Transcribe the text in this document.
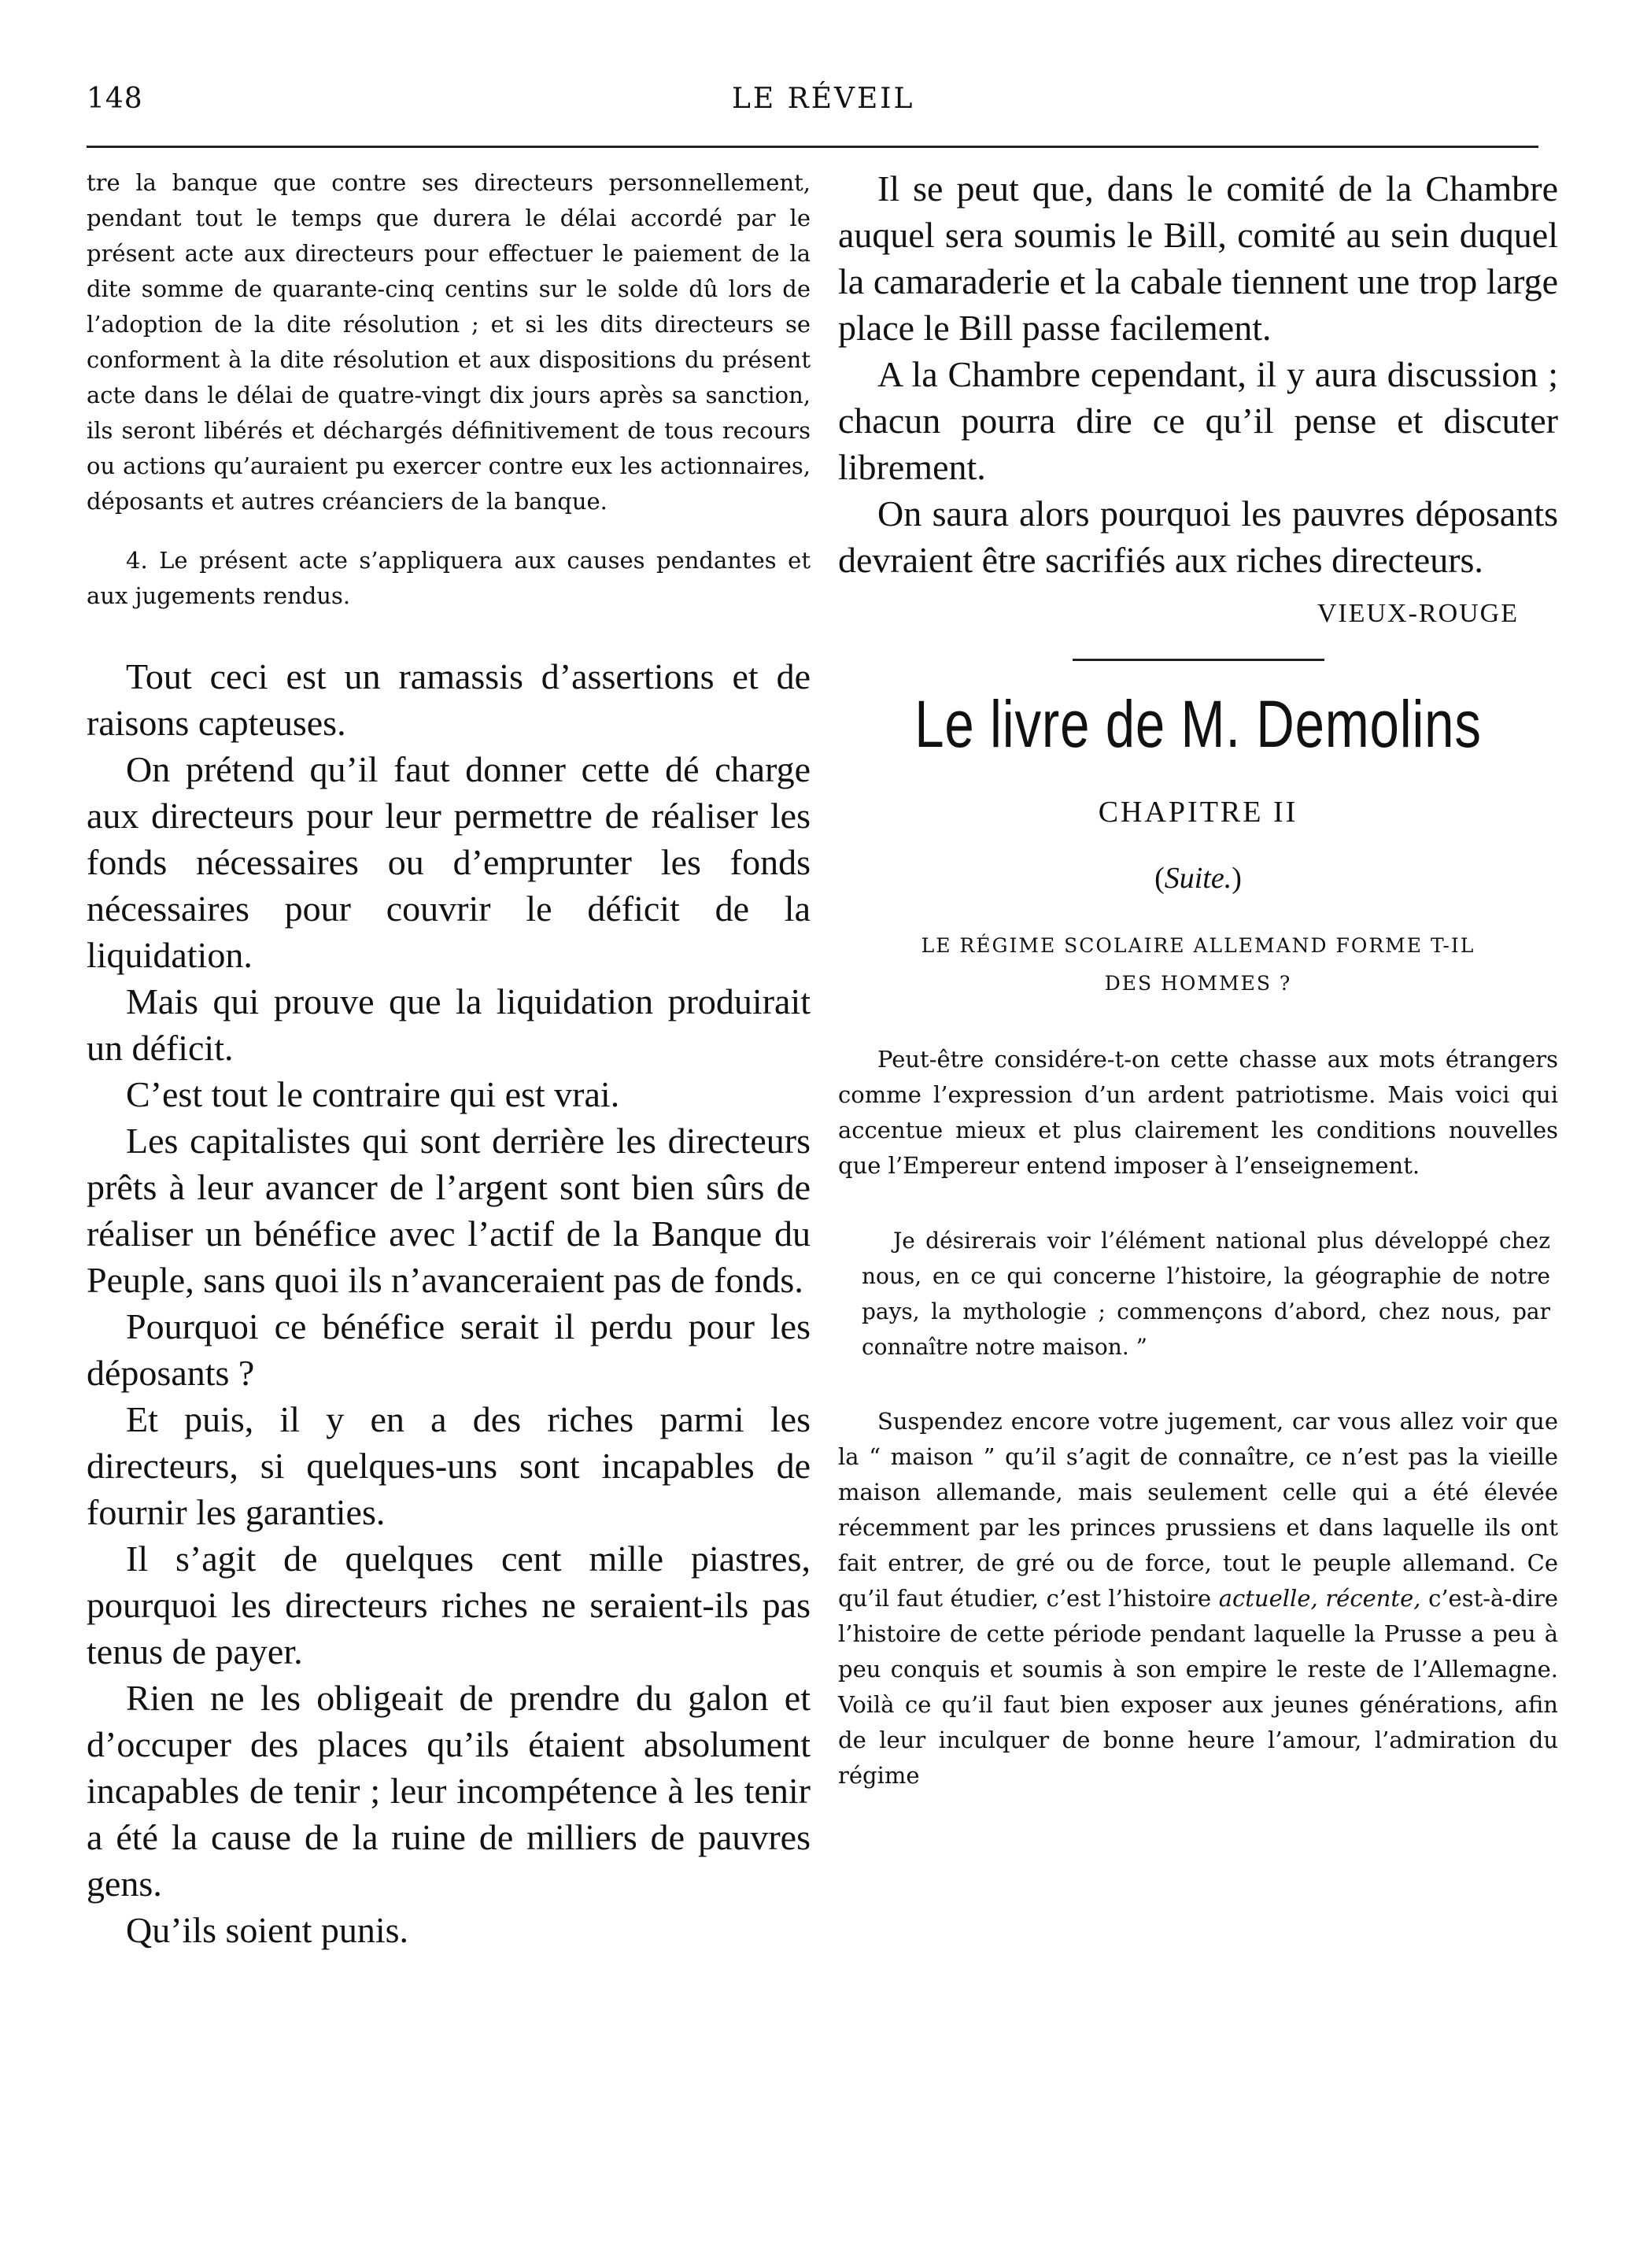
148	LE RÉVEIL

tre la banque que contre ses directeurs personnellement, pendant tout le temps que durera le délai accordé par le présent acte aux directeurs pour effectuer le paiement de la dite somme de quarante-cinq centins sur le solde dû lors de l’adoption de la dite résolution ; et si les dits directeurs se conforment à la dite résolution et aux dispositions du présent acte dans le délai de quatre-vingt dix jours après sa sanction, ils seront libérés et déchargés définitivement de tous recours ou actions qu’auraient pu exercer contre eux les actionnaires, déposants et autres créanciers de la banque.

4. Le présent acte s’appliquera aux causes pendantes et aux jugements rendus.

Tout ceci est un ramassis d’assertions et de raisons capteuses.

On prétend qu’il faut donner cette dé charge aux directeurs pour leur permettre de réaliser les fonds nécessaires ou d’emprunter les fonds nécessaires pour couvrir le déficit de la liquidation.

Mais qui prouve que la liquidation produirait un déficit.

C’est tout le contraire qui est vrai.

Les capitalistes qui sont derrière les directeurs prêts à leur avancer de l’argent sont bien sûrs de réaliser un bénéfice avec l’actif de la Banque du Peuple, sans quoi ils n’avanceraient pas de fonds.

Pourquoi ce bénéfice serait il perdu pour les déposants ?

Et puis, il y en a des riches parmi les directeurs, si quelques-uns sont incapables de fournir les garanties.

Il s’agit de quelques cent mille piastres, pourquoi les directeurs riches ne seraient-ils pas tenus de payer.

Rien ne les obligeait de prendre du galon et d’occuper des places qu’ils étaient absolument incapables de tenir ; leur incompétence à les tenir a été la cause de la ruine de milliers de pauvres gens.

Qu’ils soient punis.

Il se peut que, dans le comité de la Chambre auquel sera soumis le Bill, comité au sein duquel la camaraderie et la cabale tiennent une trop large place le Bill passe facilement.

A la Chambre cependant, il y aura discussion ; chacun pourra dire ce qu’il pense et discuter librement.

On saura alors pourquoi les pauvres déposants devraient être sacrifiés aux riches directeurs.

VIEUX-ROUGE
Le livre de M. Demolins
CHAPITRE II
(Suite.)
LE RÉGIME SCOLAIRE ALLEMAND FORME T-IL
DES HOMMES ?

Peut-être considére-t-on cette chasse aux mots étrangers comme l’expression d’un ardent patriotisme. Mais voici qui accentue mieux et plus clairement les conditions nouvelles que l’Empereur entend imposer à l’enseignement.

Je désirerais voir l’élément national plus développé chez nous, en ce qui concerne l’histoire, la géographie de notre pays, la mythologie ; commençons d’abord, chez nous, par connaître notre maison. ”

Suspendez encore votre jugement, car vous allez voir que la “ maison ” qu’il s’agit de connaître, ce n’est pas la vieille maison allemande, mais seulement celle qui a été élevée récemment par les princes prussiens et dans laquelle ils ont fait entrer, de gré ou de force, tout le peuple allemand. Ce qu’il faut étudier, c’est l’histoire actuelle, récente, c’est-à-dire l’histoire de cette période pendant laquelle la Prusse a peu à peu conquis et soumis à son empire le reste de l’Allemagne. Voilà ce qu’il faut bien exposer aux jeunes générations, afin de leur inculquer de bonne heure l’amour, l’admiration du régime
